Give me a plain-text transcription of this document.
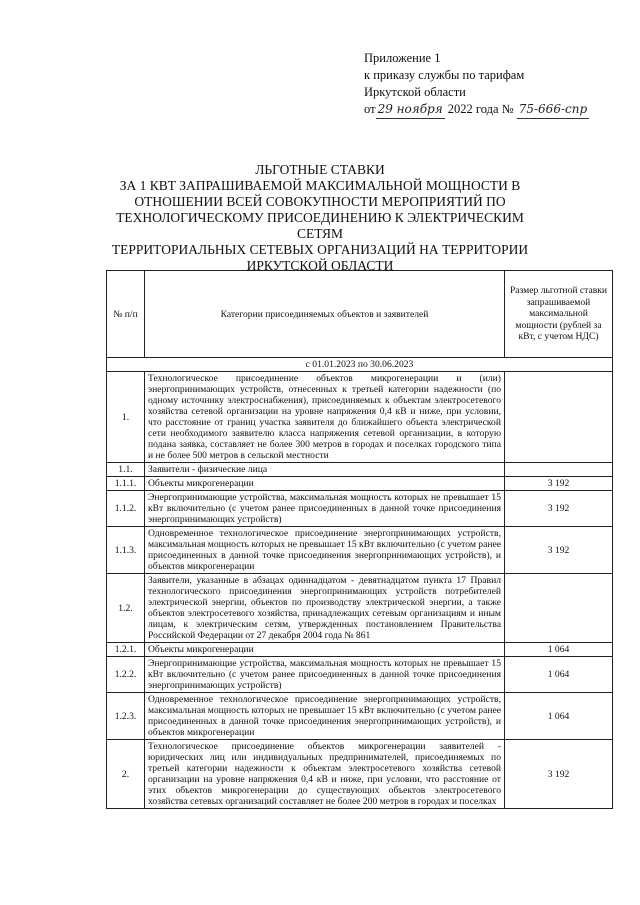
Приложение 1
к приказу службы по тарифам
Иркутской области
от 29 ноября 2022 года № 75-666-спр
ЛЬГОТНЫЕ СТАВКИ
ЗА 1 КВТ ЗАПРАШИВАЕМОЙ МАКСИМАЛЬНОЙ МОЩНОСТИ В
ОТНОШЕНИИ ВСЕЙ СОВОКУПНОСТИ МЕРОПРИЯТИЙ ПО
ТЕХНОЛОГИЧЕСКОМУ ПРИСОЕДИНЕНИЮ К ЭЛЕКТРИЧЕСКИМ СЕТЯМ
ТЕРРИТОРИАЛЬНЫХ СЕТЕВЫХ ОРГАНИЗАЦИЙ НА ТЕРРИТОРИИ
ИРКУТСКОЙ ОБЛАСТИ
№ п/п	Категории присоединяемых объектов и заявителей	Размер льготной ставки запрашиваемой максимальной мощности (рублей за кВт, с учетом НДС)
с 01.01.2023 по 30.06.2023		
1.	Технологическое присоединение объектов микрогенерации и (или) энергопринимающих устройств, отнесенных к третьей категории надежности (по одному источнику электроснабжения), присоединяемых к объектам электросетевого хозяйства сетевой организации на уровне напряжения 0,4 кВ и ниже, при условии, что расстояние от границ участка заявителя до ближайшего объекта электрической сети необходимого заявителю класса напряжения сетевой организации, в которую подана заявка, составляет не более 300 метров в городах и поселках городского типа и не более 500 метров в сельской местности	
1.1.	Заявители - физические лица	
1.1.1.	Объекты микрогенерации	3 192
1.1.2.	Энергопринимающие устройства, максимальная мощность которых не превышает 15 кВт включительно (с учетом ранее присоединенных в данной точке присоединения энергопринимающих устройств)	3 192
1.1.3.	Одновременное технологическое присоединение энергопринимающих устройств, максимальная мощность которых не превышает 15 кВт включительно (с учетом ранее присоединенных в данной точке присоединения энергопринимающих устройств), и объектов микрогенерации	3 192
1.2.	Заявители, указанные в абзацах одиннадцатом - девятнадцатом пункта 17 Правил технологического присоединения энергопринимающих устройств потребителей электрической энергии, объектов по производству электрической энергии, а также объектов электросетевого хозяйства, принадлежащих сетевым организациям и иным лицам, к электрическим сетям, утвержденных постановлением Правительства Российской Федерации от 27 декабря 2004 года № 861	
1.2.1.	Объекты микрогенерации	1 064
1.2.2.	Энергопринимающие устройства, максимальная мощность которых не превышает 15 кВт включительно (с учетом ранее присоединенных в данной точке присоединения энергопринимающих устройств)	1 064
1.2.3.	Одновременное технологическое присоединение энергопринимающих устройств, максимальная мощность которых не превышает 15 кВт включительно (с учетом ранее присоединенных в данной точке присоединения энергопринимающих устройств), и объектов микрогенерации	1 064
2.	Технологическое присоединение объектов микрогенерации заявителей - юридических лиц или индивидуальных предпринимателей, присоединяемых по третьей категории надежности к объектам электросетевого хозяйства сетевой организации на уровне напряжения 0,4 кВ и ниже, при условии, что расстояние от этих объектов микрогенерации до существующих объектов электросетевого хозяйства сетевых организаций составляет не более 200 метров в городах и поселках	3 192
